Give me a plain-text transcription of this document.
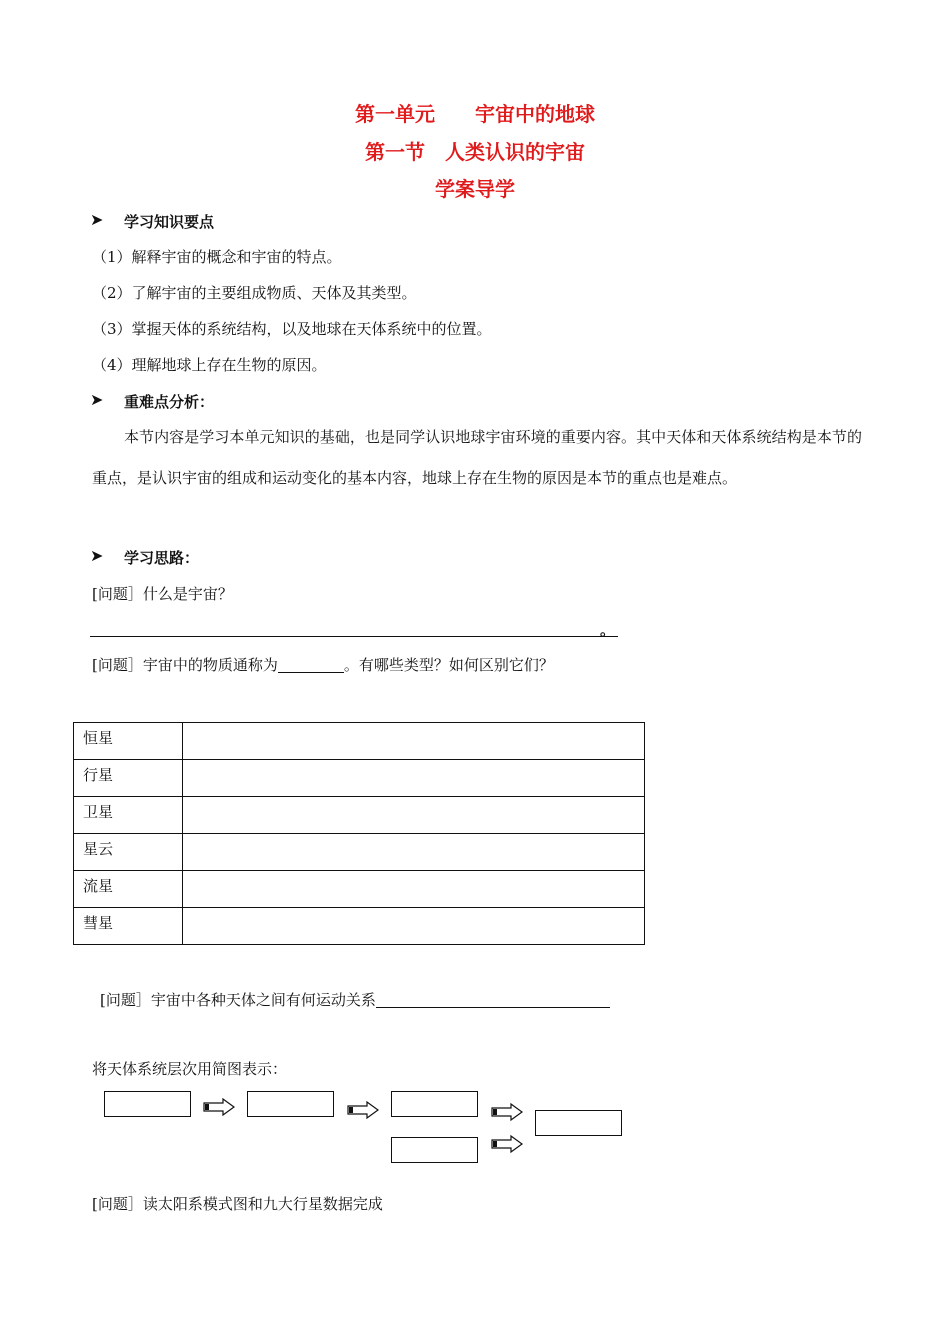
第一单元　　宇宙中的地球
第一节　人类认识的宇宙
学案导学
➤ 学习知识要点
（1）解释宇宙的概念和宇宙的特点。
（2）了解宇宙的主要组成物质、天体及其类型。
（3）掌握天体的系统结构，以及地球在天体系统中的位置。
（4）理解地球上存在生物的原因。
➤ 重难点分析：
本节内容是学习本单元知识的基础，也是同学认识地球宇宙环境的重要内容。其中天体和天体系统结构是本节的重点，是认识宇宙的组成和运动变化的基本内容，地球上存在生物的原因是本节的重点也是难点。
➤ 学习思路：
[问题］什么是宇宙？
。
[问题］宇宙中的物质通称为	。有哪些类型？如何区别它们？
恒星	
行星	
卫星	
星云	
流星	
彗星	
[问题］宇宙中各种天体之间有何运动关系
将天体系统层次用简图表示：
[问题］读太阳系模式图和九大行星数据完成
